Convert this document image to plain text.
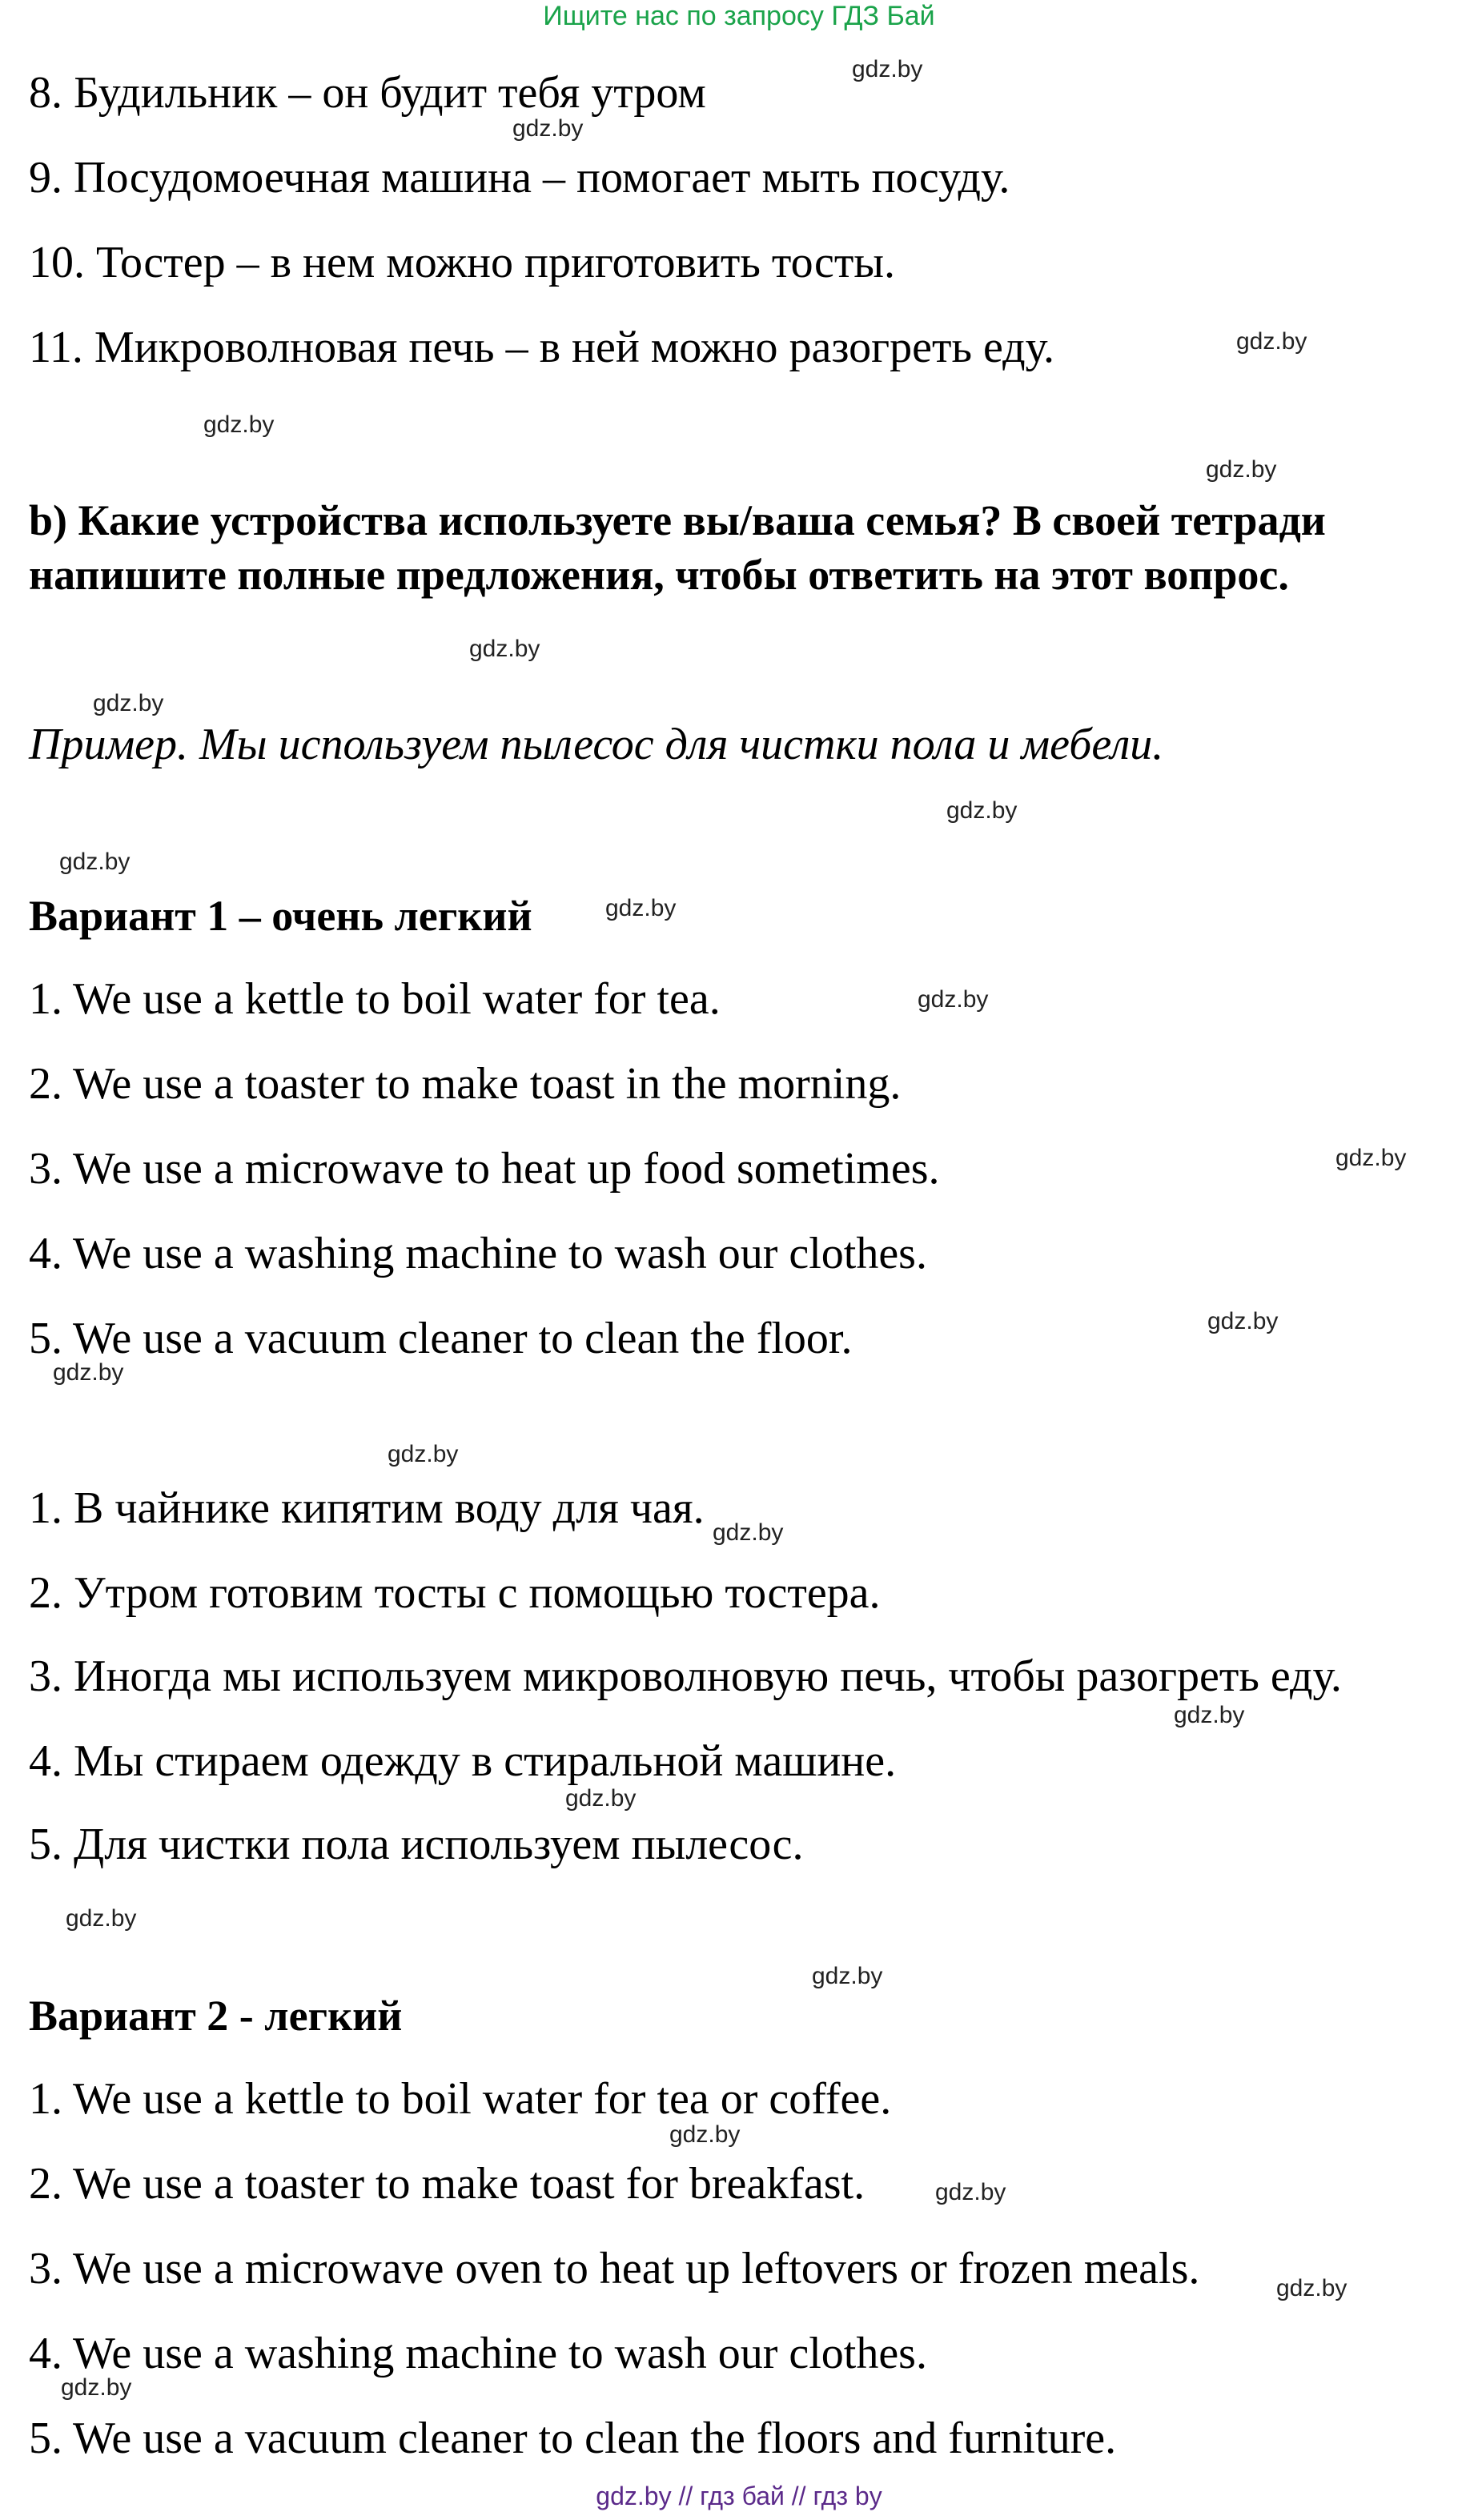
Ищите нас по запросу ГДЗ Бай
8. Будильник – он будит тебя утром
9. Посудомоечная машина – помогает мыть посуду.
10. Тостер – в нем можно приготовить тосты.
11. Микроволновая печь – в ней можно разогреть еду.
b) Какие устройства используете вы/ваша семья? В своей тетради
напишите полные предложения, чтобы ответить на этот вопрос.
Пример. Мы используем пылесос для чистки пола и мебели.
Вариант 1 – очень легкий
1. We use a kettle to boil water for tea.
2. We use a toaster to make toast in the morning.
3. We use a microwave to heat up food sometimes.
4. We use a washing machine to wash our clothes.
5. We use a vacuum cleaner to clean the floor.
1. В чайнике кипятим воду для чая.
2. Утром готовим тосты с помощью тостера.
3. Иногда мы используем микроволновую печь, чтобы разогреть еду.
4. Мы стираем одежду в стиральной машине.
5. Для чистки пола используем пылесос.
Вариант 2 - легкий
1. We use a kettle to boil water for tea or coffee.
2. We use a toaster to make toast for breakfast.
3. We use a microwave oven to heat up leftovers or frozen meals.
4. We use a washing machine to wash our clothes.
5. We use a vacuum cleaner to clean the floors and furniture.
gdz.by
gdz.by
gdz.by
gdz.by
gdz.by
gdz.by
gdz.by
gdz.by
gdz.by
gdz.by
gdz.by
gdz.by
gdz.by
gdz.by
gdz.by
gdz.by
gdz.by
gdz.by
gdz.by
gdz.by
gdz.by
gdz.by
gdz.by
gdz.by
gdz.by // гдз бай // гдз by
